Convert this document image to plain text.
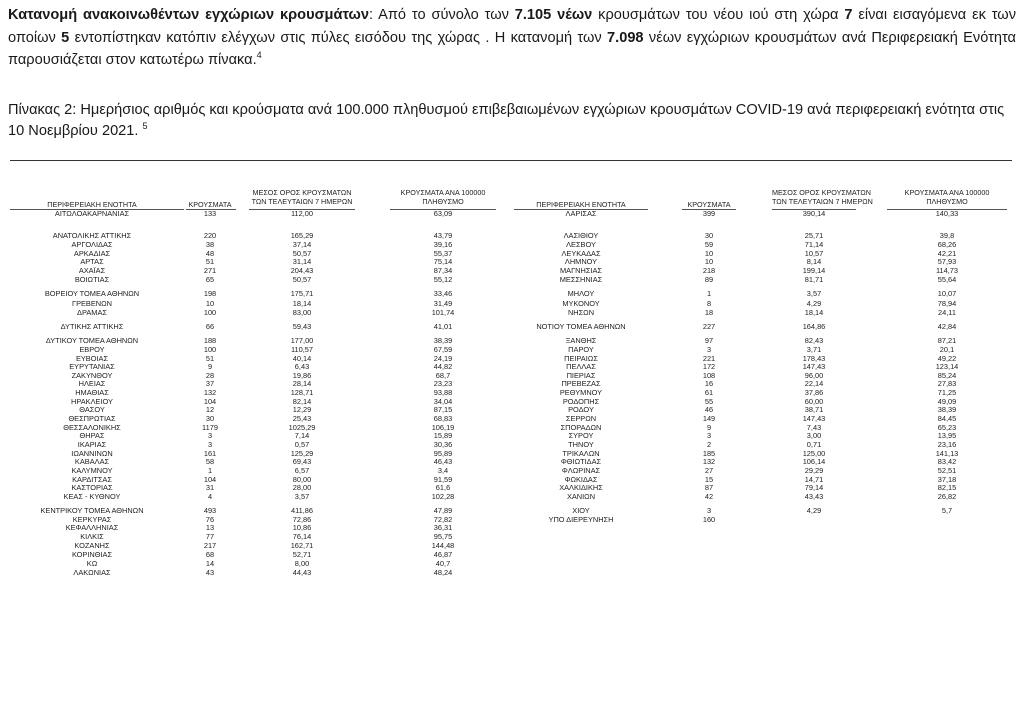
Κατανομή ανακοινωθέντων εγχώριων κρουσμάτων: Από το σύνολο των 7.105 νέων κρουσμάτων του νέου ιού στη χώρα 7 είναι εισαγόμενα εκ των οποίων 5 εντοπίστηκαν κατόπιν ελέγχων στις πύλες εισόδου της χώρας . Η κατανομή των 7.098 νέων εγχώριων κρουσμάτων ανά Περιφερειακή Ενότητα παρουσιάζεται στον κατωτέρω πίνακα.$^4$
Πίνακας 2: Ημερήσιος αριθμός και κρούσματα ανά 100.000 πληθυσμού επιβεβαιωμένων εγχώριων κρουσμάτων COVID-19 ανά περιφερειακή ενότητα στις 10 Νοεμβρίου 2021. $^5$
ΠΕΡΙΦΕΡΕΙΑΚΗ ΕΝΟΤΗΤΑ	ΚΡΟΥΣΜΑΤΑ
ΜΕΣΟΣ ΟΡΟΣ ΚΡΟΥΣΜΑΤΩΝ
ΤΩΝ ΤΕΛΕΥΤΑΙΩΝ 7 ΗΜΕΡΩΝ
ΚΡΟΥΣΜΑΤΑ ΑΝΑ 100000
ΠΛΗΘΥΣΜΟ	ΠΕΡΙΦΕΡΕΙΑΚΗ ΕΝΟΤΗΤΑ	ΚΡΟΥΣΜΑΤΑ
ΜΕΣΟΣ ΟΡΟΣ ΚΡΟΥΣΜΑΤΩΝ
ΤΩΝ ΤΕΛΕΥΤΑΙΩΝ 7 ΗΜΕΡΩΝ
ΚΡΟΥΣΜΑΤΑ ΑΝΑ 100000
ΠΛΗΘΥΣΜΟ
ΑΙΤΩΛΟΑΚΑΡΝΑΝΙΑΣ	133	112,00	63,09
ΑΝΑΤΟΛΙΚΗΣ ΑΤΤΙΚΗΣ	220	165,29	43,79
ΑΡΓΟΛΙΔΑΣ	38	37,14	39,16
ΑΡΚΑΔΙΑΣ	48	50,57	55,37
ΑΡΤΑΣ	51	31,14	75,14
ΑΧΑΪΑΣ	271	204,43	87,34
ΒΟΙΩΤΙΑΣ	65	50,57	55,12
ΒΟΡΕΙΟΥ ΤΟΜΕΑ ΑΘΗΝΩΝ	198	175,71	33,46
ΓΡΕΒΕΝΩΝ	10	18,14	31,49
ΔΡΑΜΑΣ	100	83,00	101,74
ΔΥΤΙΚΗΣ ΑΤΤΙΚΗΣ	66	59,43	41,01
ΔΥΤΙΚΟΥ ΤΟΜΕΑ ΑΘΗΝΩΝ	188	177,00	38,39
ΕΒΡΟΥ	100	110,57	67,59
ΕΥΒΟΙΑΣ	51	40,14	24,19
ΕΥΡΥΤΑΝΙΑΣ	9	6,43	44,82
ΖΑΚΥΝΘΟΥ	28	19,86	68,7
ΗΛΕΙΑΣ	37	28,14	23,23
ΗΜΑΘΙΑΣ	132	128,71	93,88
ΗΡΑΚΛΕΙΟΥ	104	82,14	34,04
ΘΑΣΟΥ	12	12,29	87,15
ΘΕΣΠΡΩΤΙΑΣ	30	25,43	68,83
ΘΕΣΣΑΛΟΝΙΚΗΣ	1179	1025,29	106,19
ΘΗΡΑΣ	3	7,14	15,89
ΙΚΑΡΙΑΣ	3	0,57	30,36
ΙΩΑΝΝΙΝΩΝ	161	125,29	95,89
ΚΑΒΑΛΑΣ	58	69,43	46,43
ΚΑΛΥΜΝΟΥ	1	6,57	3,4
ΚΑΡΔΙΤΣΑΣ	104	80,00	91,59
ΚΑΣΤΟΡΙΑΣ	31	28,00	61,6
ΚΕΑΣ - ΚΥΘΝΟΥ	4	3,57	102,28
ΚΕΝΤΡΙΚΟΥ ΤΟΜΕΑ ΑΘΗΝΩΝ	493	411,86	47,89
ΚΕΡΚΥΡΑΣ	76	72,86	72,82
ΚΕΦΑΛΛΗΝΙΑΣ	13	10,86	36,31
ΚΙΛΚΙΣ	77	76,14	95,75
ΚΟΖΑΝΗΣ	217	162,71	144,48
ΚΟΡΙΝΘΙΑΣ	68	52,71	46,87
ΚΩ	14	8,00	40,7
ΛΑΚΩΝΙΑΣ	43	44,43	48,24
ΛΑΡΙΣΑΣ	399	390,14	140,33
ΛΑΣΙΘΙΟΥ	30	25,71	39,8
ΛΕΣΒΟΥ	59	71,14	68,26
ΛΕΥΚΑΔΑΣ	10	10,57	42,21
ΛΗΜΝΟΥ	10	8,14	57,93
ΜΑΓΝΗΣΙΑΣ	218	199,14	114,73
ΜΕΣΣΗΝΙΑΣ	89	81,71	55,64
ΜΗΛΟΥ	1	3,57	10,07
ΜΥΚΟΝΟΥ	8	4,29	78,94
ΝΗΣΩΝ	18	18,14	24,11
ΝΟΤΙΟΥ ΤΟΜΕΑ ΑΘΗΝΩΝ	227	164,86	42,84
ΞΑΝΘΗΣ	97	82,43	87,21
ΠΑΡΟΥ	3	3,71	20,1
ΠΕΙΡΑΙΩΣ	221	178,43	49,22
ΠΕΛΛΑΣ	172	147,43	123,14
ΠΙΕΡΙΑΣ	108	96,00	85,24
ΠΡΕΒΕΖΑΣ	16	22,14	27,83
ΡΕΘΥΜΝΟΥ	61	37,86	71,25
ΡΟΔΟΠΗΣ	55	60,00	49,09
ΡΟΔΟΥ	46	38,71	38,39
ΣΕΡΡΩΝ	149	147,43	84,45
ΣΠΟΡΑΔΩΝ	9	7,43	65,23
ΣΥΡΟΥ	3	3,00	13,95
ΤΗΝΟΥ	2	0,71	23,16
ΤΡΙΚΑΛΩΝ	185	125,00	141,13
ΦΘΙΩΤΙΔΑΣ	132	106,14	83,42
ΦΛΩΡΙΝΑΣ	27	29,29	52,51
ΦΩΚΙΔΑΣ	15	14,71	37,18
ΧΑΛΚΙΔΙΚΗΣ	87	79,14	82,15
ΧΑΝΙΩΝ	42	43,43	26,82
ΧΙΟΥ	3	4,29	5,7
ΥΠΟ ΔΙΕΡΕΥΝΗΣΗ	160
